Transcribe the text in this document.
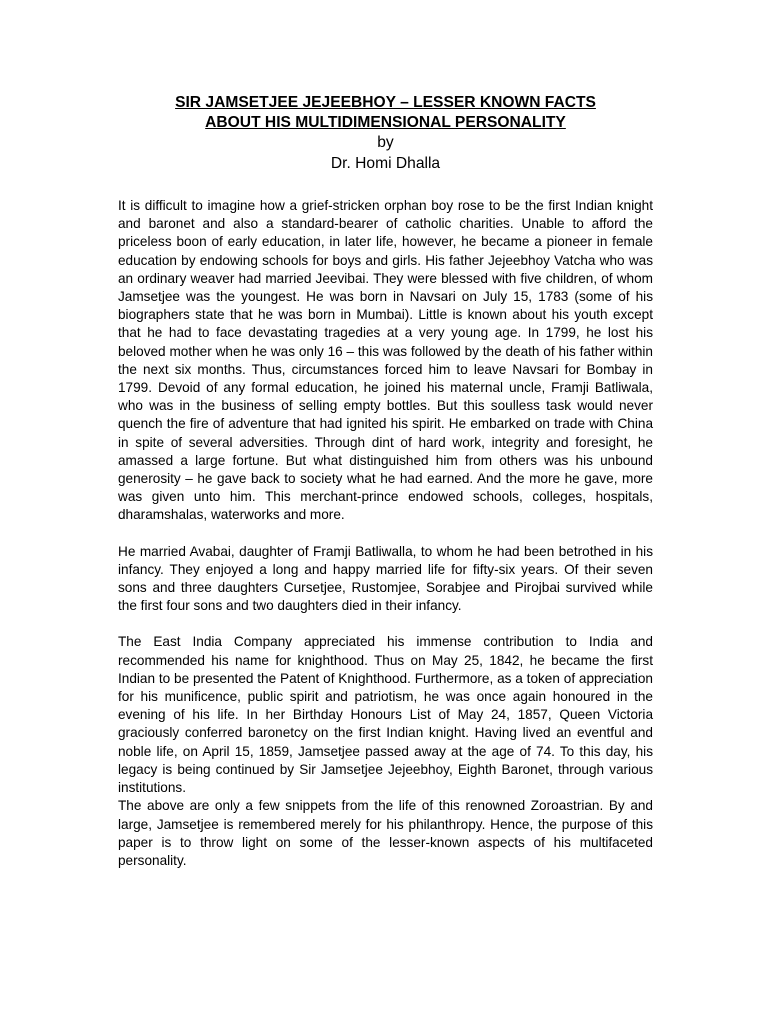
SIR JAMSETJEE JEJEEBHOY – LESSER KNOWN FACTS
ABOUT HIS MULTIDIMENSIONAL PERSONALITY
by
Dr. Homi Dhalla

It is difficult to imagine how a grief-stricken orphan boy rose to be the first Indian knight and baronet and also a standard-bearer of catholic charities. Unable to afford the priceless boon of early education, in later life, however, he became a pioneer in female education by endowing schools for boys and girls. His father Jejeebhoy Vatcha who was an ordinary weaver had married Jeevibai. They were blessed with five children, of whom Jamsetjee was the youngest. He was born in Navsari on July 15, 1783 (some of his biographers state that he was born in Mumbai). Little is known about his youth except that he had to face devastating tragedies at a very young age. In 1799, he lost his beloved mother when he was only 16 – this was followed by the death of his father within the next six months. Thus, circumstances forced him to leave Navsari for Bombay in 1799. Devoid of any formal education, he joined his maternal uncle, Framji Batliwala, who was in the business of selling empty bottles. But this soulless task would never quench the fire of adventure that had ignited his spirit. He embarked on trade with China in spite of several adversities. Through dint of hard work, integrity and foresight, he amassed a large fortune. But what distinguished him from others was his unbound generosity – he gave back to society what he had earned. And the more he gave, more was given unto him. This merchant-prince endowed schools, colleges, hospitals, dharamshalas, waterworks and more.

He married Avabai, daughter of Framji Batliwalla, to whom he had been betrothed in his infancy. They enjoyed a long and happy married life for fifty-six years. Of their seven sons and three daughters Cursetjee, Rustomjee, Sorabjee and Pirojbai survived while the first four sons and two daughters died in their infancy.

The East India Company appreciated his immense contribution to India and recommended his name for knighthood. Thus on May 25, 1842, he became the first Indian to be presented the Patent of Knighthood. Furthermore, as a token of appreciation for his munificence, public spirit and patriotism, he was once again honoured in the evening of his life. In her Birthday Honours List of May 24, 1857, Queen Victoria graciously conferred baronetcy on the first Indian knight. Having lived an eventful and noble life, on April 15, 1859, Jamsetjee passed away at the age of 74. To this day, his legacy is being continued by Sir Jamsetjee Jejeebhoy, Eighth Baronet, through various institutions.

The above are only a few snippets from the life of this renowned Zoroastrian. By and large, Jamsetjee is remembered merely for his philanthropy. Hence, the purpose of this paper is to throw light on some of the lesser-known aspects of his multifaceted personality.
